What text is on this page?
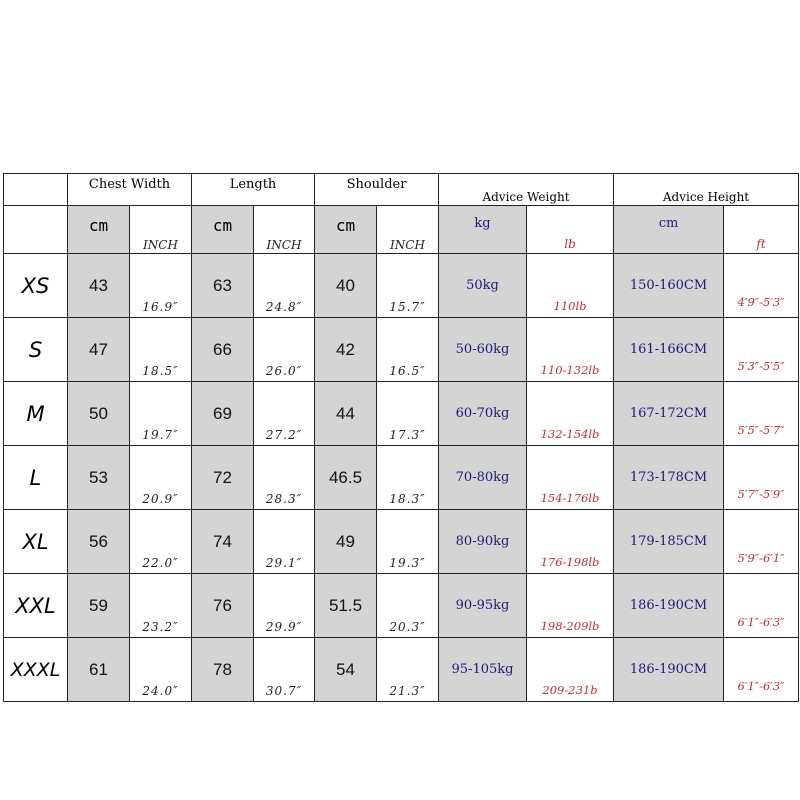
	Chest Width		Length		Shoulder		Advice Weight		Advice Height	
	cm	INCH	cm	INCH	cm	INCH	kg	lb	cm	ft
XS	43	16.9″	63	24.8″	40	15.7″	50kg	110lb	150-160CM	4′9″-5′3″
S	47	18.5″	66	26.0″	42	16.5″	50-60kg	110-132lb	161-166CM	5′3″-5′5″
M	50	19.7″	69	27.2″	44	17.3″	60-70kg	132-154lb	167-172CM	5′5″-5′7″
L	53	20.9″	72	28.3″	46.5	18.3″	70-80kg	154-176lb	173-178CM	5′7″-5′9″
XL	56	22.0″	74	29.1″	49	19.3″	80-90kg	176-198lb	179-185CM	5′9″-6′1″
XXL	59	23.2″	76	29.9″	51.5	20.3″	90-95kg	198-209lb	186-190CM	6′1″-6′3″
XXXL	61	24.0″	78	30.7″	54	21.3″	95-105kg	209-231b	186-190CM	6′1″-6′3″
